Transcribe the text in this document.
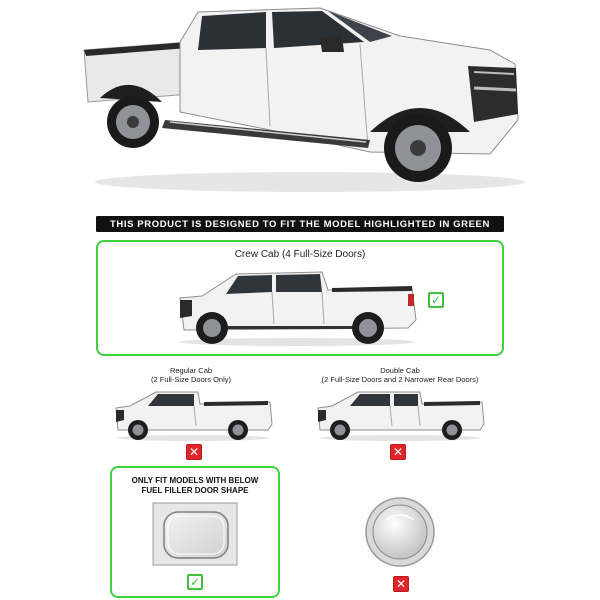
THIS PRODUCT IS DESIGNED TO FIT THE MODEL HIGHLIGHTED IN GREEN
Crew Cab (4 Full-Size Doors)
✓
Regular Cab
(2 Full-Size Doors Only)
✕
Double Cab
(2 Full-Size Doors and 2 Narrower Rear Doors)
✕
ONLY FIT MODELS WITH BELOW
FUEL FILLER DOOR SHAPE
✓	✕
